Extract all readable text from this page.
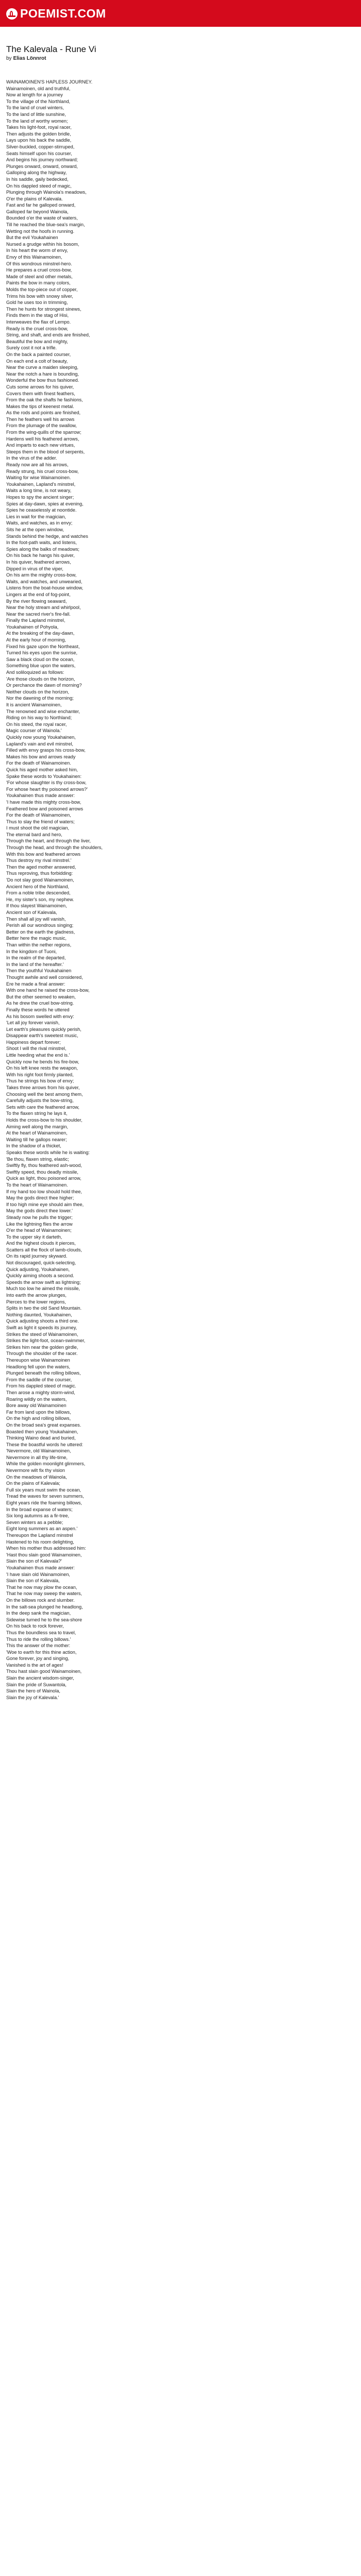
POEMIST.COM
The Kalevala - Rune Vi
by Elias Lönnrot
WAINAMOINEN'S HAPLESS JOURNEY.
Wainamoinen, old and truthful,
Now at length for a journey
To the village of the Northland,
To the land of cruel winters,
To the land of little sunshine,
To the land of worthy women;
Takes his light-foot, royal racer,
Then adjusts the golden bridle,
Lays upon his back the saddle,
Silver-buckled, copper-stirruped,
Seats himself upon his courser,
And begins his journey northward;
Plunges onward, onward, onward,
Galloping along the highway,
In his saddle, gaily bedecked,
On his dappled steed of magic,
Plunging through Wainola's meadows,
O'er the plains of Kalevala.
Fast and far he galloped onward,
Galloped far beyond Wainola,
Bounded o'er the waste of waters,
Till he reached the blue-sea's margin,
Wetting not the hoofs in running.
But the evil Youkahainen
Nursed a grudge within his bosom,
In his heart the worm of envy,
Envy of this Wainamoinen,
Of this wondrous minstrel-hero.
He prepares a cruel cross-bow,
Made of steel and other metals,
Paints the bow in many colors,
Molds the top-piece out of copper,
Trims his bow with snowy silver,
Gold he uses too in trimming,
Then he hunts for strongest sinews,
Finds them in the stag of Hisi,
Interweaves the flax of Lempo.
Ready is the cruel cross-bow,
String, and shaft, and ends are finished,
Beautiful the bow and mighty,
Surely cost it not a trifle.
On the back a painted courser,
On each end a colt of beauty,
Near the curve a maiden sleeping,
Near the notch a hare is bounding,
Wonderful the bow thus fashioned.
Cuts some arrows for his quiver,
Covers them with finest feathers,
From the oak the shafts he fashions,
Makes the tips of keenest metal.
As the rods and points are finished,
Then he feathers well his arrows
From the plumage of the swallow,
From the wing-quills of the sparrow;
Hardens well his feathered arrows,
And imparts to each new virtues,
Steeps them in the blood of serpents,
In the virus of the adder.
Ready now are all his arrows,
Ready strung, his cruel cross-bow,
Waiting for wise Wainamoinen.
Youkahainen, Lapland's minstrel,
Waits a long time, is not weary,
Hopes to spy the ancient singer;
Spies at day-dawn, spies at evening,
Spies he ceaselessly at noontide.
Lies in wait for the magician,
Waits, and watches, as in envy;
Sits he at the open window,
Stands behind the hedge, and watches
In the foot-path waits, and listens,
Spies along the balks of meadows;
On his back he hangs his quiver,
In his quiver, feathered arrows,
Dipped in virus of the viper,
On his arm the mighty cross-bow,
Waits, and watches, and unwearied,
Listens from the boat-house window,
Lingers at the end of fog-point,
By the river flowing seaward,
Near the holy stream and whirlpool,
Near the sacred river's fire-fall.
Finally the Lapland minstrel,
Youkahainen of Pohyola,
At the breaking of the day-dawn,
At the early hour of morning,
Fixed his gaze upon the Northeast,
Turned his eyes upon the sunrise,
Saw a black cloud on the ocean,
Something blue upon the waters,
And soliloquized as follows:
'Are those clouds on the horizon,
Or perchance the dawn of morning?
Neither clouds on the horizon,
Nor the dawning of the morning;
It is ancient Wainamoinen,
The renowned and wise enchanter,
Riding on his way to Northland;
On his steed, the royal racer,
Magic courser of Wainola.'
Quickly now young Youkahainen,
Lapland's vain and evil minstrel,
Filled with envy grasps his cross-bow,
Makes his bow and arrows ready
For the death of Wainamoinen.
Quick his aged mother asked him,
Spake these words to Youkahainen:
'For whose slaughter is thy cross-bow,
For whose heart thy poisoned arrows?'
Youkahainen thus made answer:
'I have made this mighty cross-bow,
Feathered bow and poisoned arrows
For the death of Wainamoinen,
Thus to slay the friend of waters;
I must shoot the old magician,
The eternal bard and hero,
Through the heart, and through the liver,
Through the head, and through the shoulders,
With this bow and feathered arrows
Thus destroy my rival minstrel.'
Then the aged mother answered,
Thus reproving, thus forbidding:
'Do not slay good Wainamoinen,
Ancient hero of the Northland,
From a noble tribe descended,
He, my sister's son, my nephew.
If thou slayest Wainamoinen,
Ancient son of Kalevala,
Then shall all joy will vanish,
Perish all our wondrous singing;
Better on the earth the gladness,
Better here the magic music,
Than within the nether regions,
In the kingdom of Tuoni,
In the realm of the departed,
In the land of the hereafter.'
Then the youthful Youkahainen
Thought awhile and well considered,
Ere he made a final answer:
With one hand he raised the cross-bow,
But the other seemed to weaken,
As he drew the cruel bow-string.
Finally these words he uttered
As his bosom swelled with envy:
'Let all joy forever vanish,
Let earth's pleasures quickly perish,
Disappear earth's sweetest music,
Happiness depart forever;
Shoot I will the rival minstrel,
Little heeding what the end is.'
Quickly now he bends his fire-bow,
On his left knee rests the weapon,
With his right foot firmly planted,
Thus he strings his bow of envy;
Takes three arrows from his quiver,
Choosing well the best among them,
Carefully adjusts the bow-string,
Sets with care the feathered arrow,
To the flaxen string he lays it,
Holds the cross-bow to his shoulder,
Aiming well along the margin,
At the heart of Wainamoinen,
Waiting till he gallops nearer;
In the shadow of a thicket,
Speaks these words while he is waiting:
'Be thou, flaxen string, elastic;
Swiftly fly, thou feathered ash-wood,
Swiftly speed, thou deadly missile,
Quick as light, thou poisoned arrow,
To the heart of Wainamoinen.
If my hand too low should hold thee,
May the gods direct thee higher;
If too high mine eye should aim thee,
May the gods direct thee lower.'
Steady now he pulls the trigger;
Like the lightning flies the arrow
O'er the head of Wainamoinen;
To the upper sky it darteth,
And the highest clouds it pierces,
Scatters all the flock of lamb-clouds,
On its rapid journey skyward.
Not discouraged, quick-selecting,
Quick adjusting, Youkahainen,
Quickly aiming shoots a second.
Speeds the arrow swift as lightning;
Much too low he aimed the missile,
Into earth the arrow plunges,
Pierces to the lower regions,
Splits in two the old Sand Mountain.
Nothing daunted, Youkahainen,
Quick adjusting shoots a third one.
Swift as light it speeds its journey,
Strikes the steed of Wainamoinen,
Strikes the light-foot, ocean-swimmer,
Strikes him near the golden girdle,
Through the shoulder of the racer.
Thereupon wise Wainamoinen
Headlong fell upon the waters,
Plunged beneath the rolling billows,
From the saddle of the courser,
From his dappled steed of magic.
Then arose a mighty storm-wind,
Roaring wildly on the waters,
Bore away old Wainamoinen
Far from land upon the billows,
On the high and rolling billows,
On the broad sea's great expanses.
Boasted then young Youkahainen,
Thinking Waino dead and buried,
These the boastful words he uttered:
'Nevermore, old Wainamoinen,
Nevermore in all thy life-time,
While the golden moonlight glimmers,
Nevermore wilt fix thy vision
On the meadows of Wainola,
On the plains of Kalevala;
Full six years must swim the ocean,
Tread the waves for seven summers,
Eight years ride the foaming billows,
In the broad expanse of waters;
Six long autumns as a fir-tree,
Seven winters as a pebble;
Eight long summers as an aspen.'
Thereupon the Lapland minstrel
Hastened to his room delighting,
When his mother thus addressed him:
'Hast thou slain good Wainamoinen,
Slain the son of Kalevala?'
Youkahainen thus made answer:
'I have slain old Wainamoinen,
Slain the son of Kalevala,
That he now may plow the ocean,
That he now may sweep the waters,
On the billows rock and slumber.
In the salt-sea plunged he headlong,
In the deep sank the magician,
Sidewise turned he to the sea-shore
On his back to rock forever,
Thus the boundless sea to travel,
Thus to ride the rolling billows.'
This the answer of the mother:
'Woe to earth for this thine action,
Gone forever, joy and singing,
Vanished is the art of ages!
Thou hast slain good Wainamoinen,
Slain the ancient wisdom-singer,
Slain the pride of Suwantola,
Slain the hero of Wainola,
Slain the joy of Kalevala.'
